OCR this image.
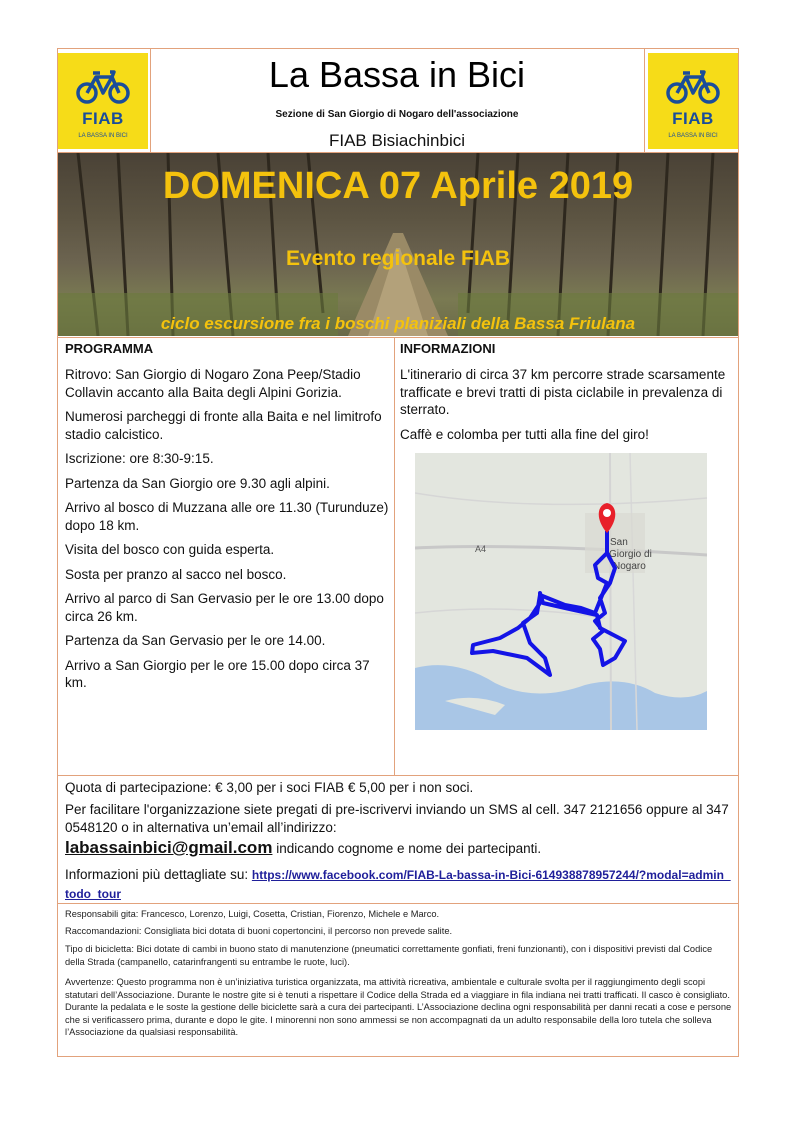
FIAB
LA BASSA IN BICI
FIAB
LA BASSA IN BICI
La Bassa in Bici
Sezione di San Giorgio di Nogaro dell'associazione
FIAB Bisiachinbici
DOMENICA 07 Aprile 2019
Evento regionale FIAB
ciclo escursione fra i boschi planiziali della Bassa Friulana
PROGRAMMA	INFORMAZIONI

Ritrovo: San Giorgio di Nogaro Zona Peep/Stadio Collavin accanto alla Baita degli Alpini Gorizia.

Numerosi parcheggi di fronte alla Baita e nel limitrofo stadio calcistico.

Iscrizione: ore 8:30-9:15.

Partenza da San Giorgio ore 9.30 agli alpini.

Arrivo al bosco di Muzzana alle ore 11.30 (Turunduze) dopo 18 km.

Visita del bosco con guida esperta.

Sosta per pranzo al sacco nel bosco.

Arrivo al parco di San Gervasio per le ore 13.00 dopo circa 26 km.

Partenza da San Gervasio per le ore 14.00.

Arrivo a San Giorgio per le ore 15.00 dopo circa 37 km.

L'itinerario di circa 37 km percorre strade scarsamente trafficate e brevi tratti di pista ciclabile in prevalenza di sterrato.

Caffè e colomba per tutti alla fine del giro!

A4
San
Giorgio di
Nogaro
Quota di partecipazione: € 3,00 per i soci FIAB € 5,00 per i non soci.
Per facilitare l'organizzazione siete pregati di pre-iscrivervi inviando un SMS al cell. 347 2121656 oppure al 347 0548120 o in alternativa un’email all’indirizzo:
labassainbici@gmail.com indicando cognome e nome dei partecipanti.
Informazioni più dettagliate su: https://www.facebook.com/FIAB-La-bassa-in-Bici-614938878957244/?modal=admin_todo_tour
Responsabili gita: Francesco, Lorenzo, Luigi, Cosetta, Cristian, Fiorenzo, Michele e Marco.
Raccomandazioni: Consigliata bici dotata di buoni copertoncini, il percorso non prevede salite.
Tipo di bicicletta: Bici dotate di cambi in buono stato di manutenzione (pneumatici correttamente gonfiati, freni funzionanti), con i dispositivi previsti dal Codice della Strada (campanello, catarinfrangenti su entrambe le ruote, luci).
Avvertenze: Questo programma non è un’iniziativa turistica organizzata, ma attività ricreativa, ambientale e culturale svolta per il raggiungimento degli scopi statutari dell’Associazione. Durante le nostre gite si è tenuti a rispettare il Codice della Strada ed a viaggiare in fila indiana nei tratti trafficati. Il casco è consigliato. Durante la pedalata e le soste la gestione delle biciclette sarà a cura dei partecipanti. L’Associazione declina ogni responsabilità per danni recati a cose e persone che si verificassero prima, durante e dopo le gite. I minorenni non sono ammessi se non accompagnati da un adulto responsabile della loro tutela che solleva l’Associazione da qualsiasi responsabilità.
